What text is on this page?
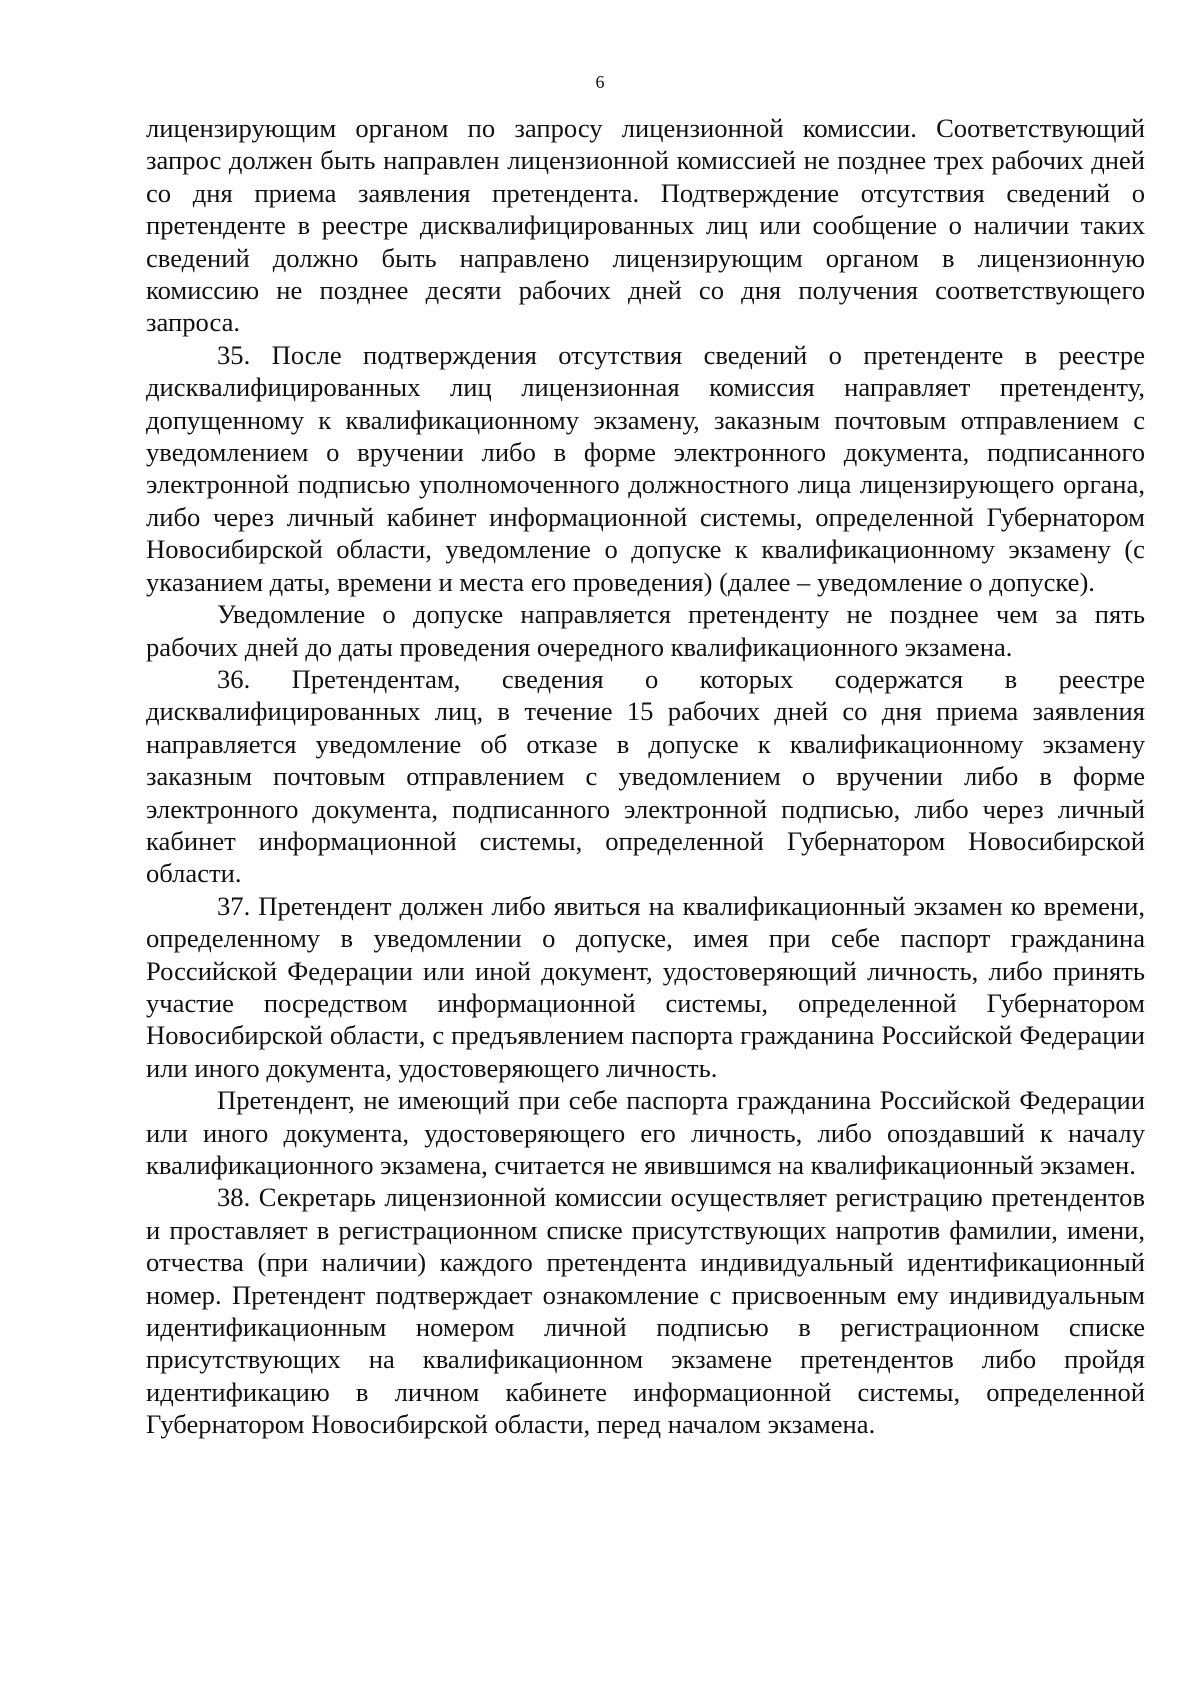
6

лицензирующим органом по запросу лицензионной комиссии. Соответствующий запрос должен быть направлен лицензионной комиссией не позднее трех рабочих дней со дня приема заявления претендента. Подтверждение отсутствия сведений о претенденте в реестре дисквалифицированных лиц или сообщение о наличии таких сведений должно быть направлено лицензирующим органом в лицензионную комиссию не позднее десяти рабочих дней со дня получения соответствующего запроса.

35. После подтверждения отсутствия сведений о претенденте в реестре дисквалифицированных лиц лицензионная комиссия направляет претенденту, допущенному к квалификационному экзамену, заказным почтовым отправлением с уведомлением о вручении либо в форме электронного документа, подписанного электронной подписью уполномоченного должностного лица лицензирующего органа, либо через личный кабинет информационной системы, определенной Губернатором Новосибирской области, уведомление о допуске к квалификационному экзамену (с указанием даты, времени и места его проведения) (далее – уведомление о допуске).

Уведомление о допуске направляется претенденту не позднее чем за пять рабочих дней до даты проведения очередного квалификационного экзамена.

36. Претендентам, сведения о которых содержатся в реестре дисквалифицированных лиц, в течение 15 рабочих дней со дня приема заявления направляется уведомление об отказе в допуске к квалификационному экзамену заказным почтовым отправлением с уведомлением о вручении либо в форме электронного документа, подписанного электронной подписью, либо через личный кабинет информационной системы, определенной Губернатором Новосибирской области.

37. Претендент должен либо явиться на квалификационный экзамен ко времени, определенному в уведомлении о допуске, имея при себе паспорт гражданина Российской Федерации или иной документ, удостоверяющий личность, либо принять участие посредством информационной системы, определенной Губернатором Новосибирской области, с предъявлением паспорта гражданина Российской Федерации или иного документа, удостоверяющего личность.

Претендент, не имеющий при себе паспорта гражданина Российской Федерации или иного документа, удостоверяющего его личность, либо опоздавший к началу квалификационного экзамена, считается не явившимся на квалификационный экзамен.

38. Секретарь лицензионной комиссии осуществляет регистрацию претендентов и проставляет в регистрационном списке присутствующих напротив фамилии, имени, отчества (при наличии) каждого претендента индивидуальный идентификационный номер. Претендент подтверждает ознакомление с присвоенным ему индивидуальным идентификационным номером личной подписью в регистрационном списке присутствующих на квалификационном экзамене претендентов либо пройдя идентификацию в личном кабинете информационной системы, определенной Губернатором Новосибирской области, перед началом экзамена.
